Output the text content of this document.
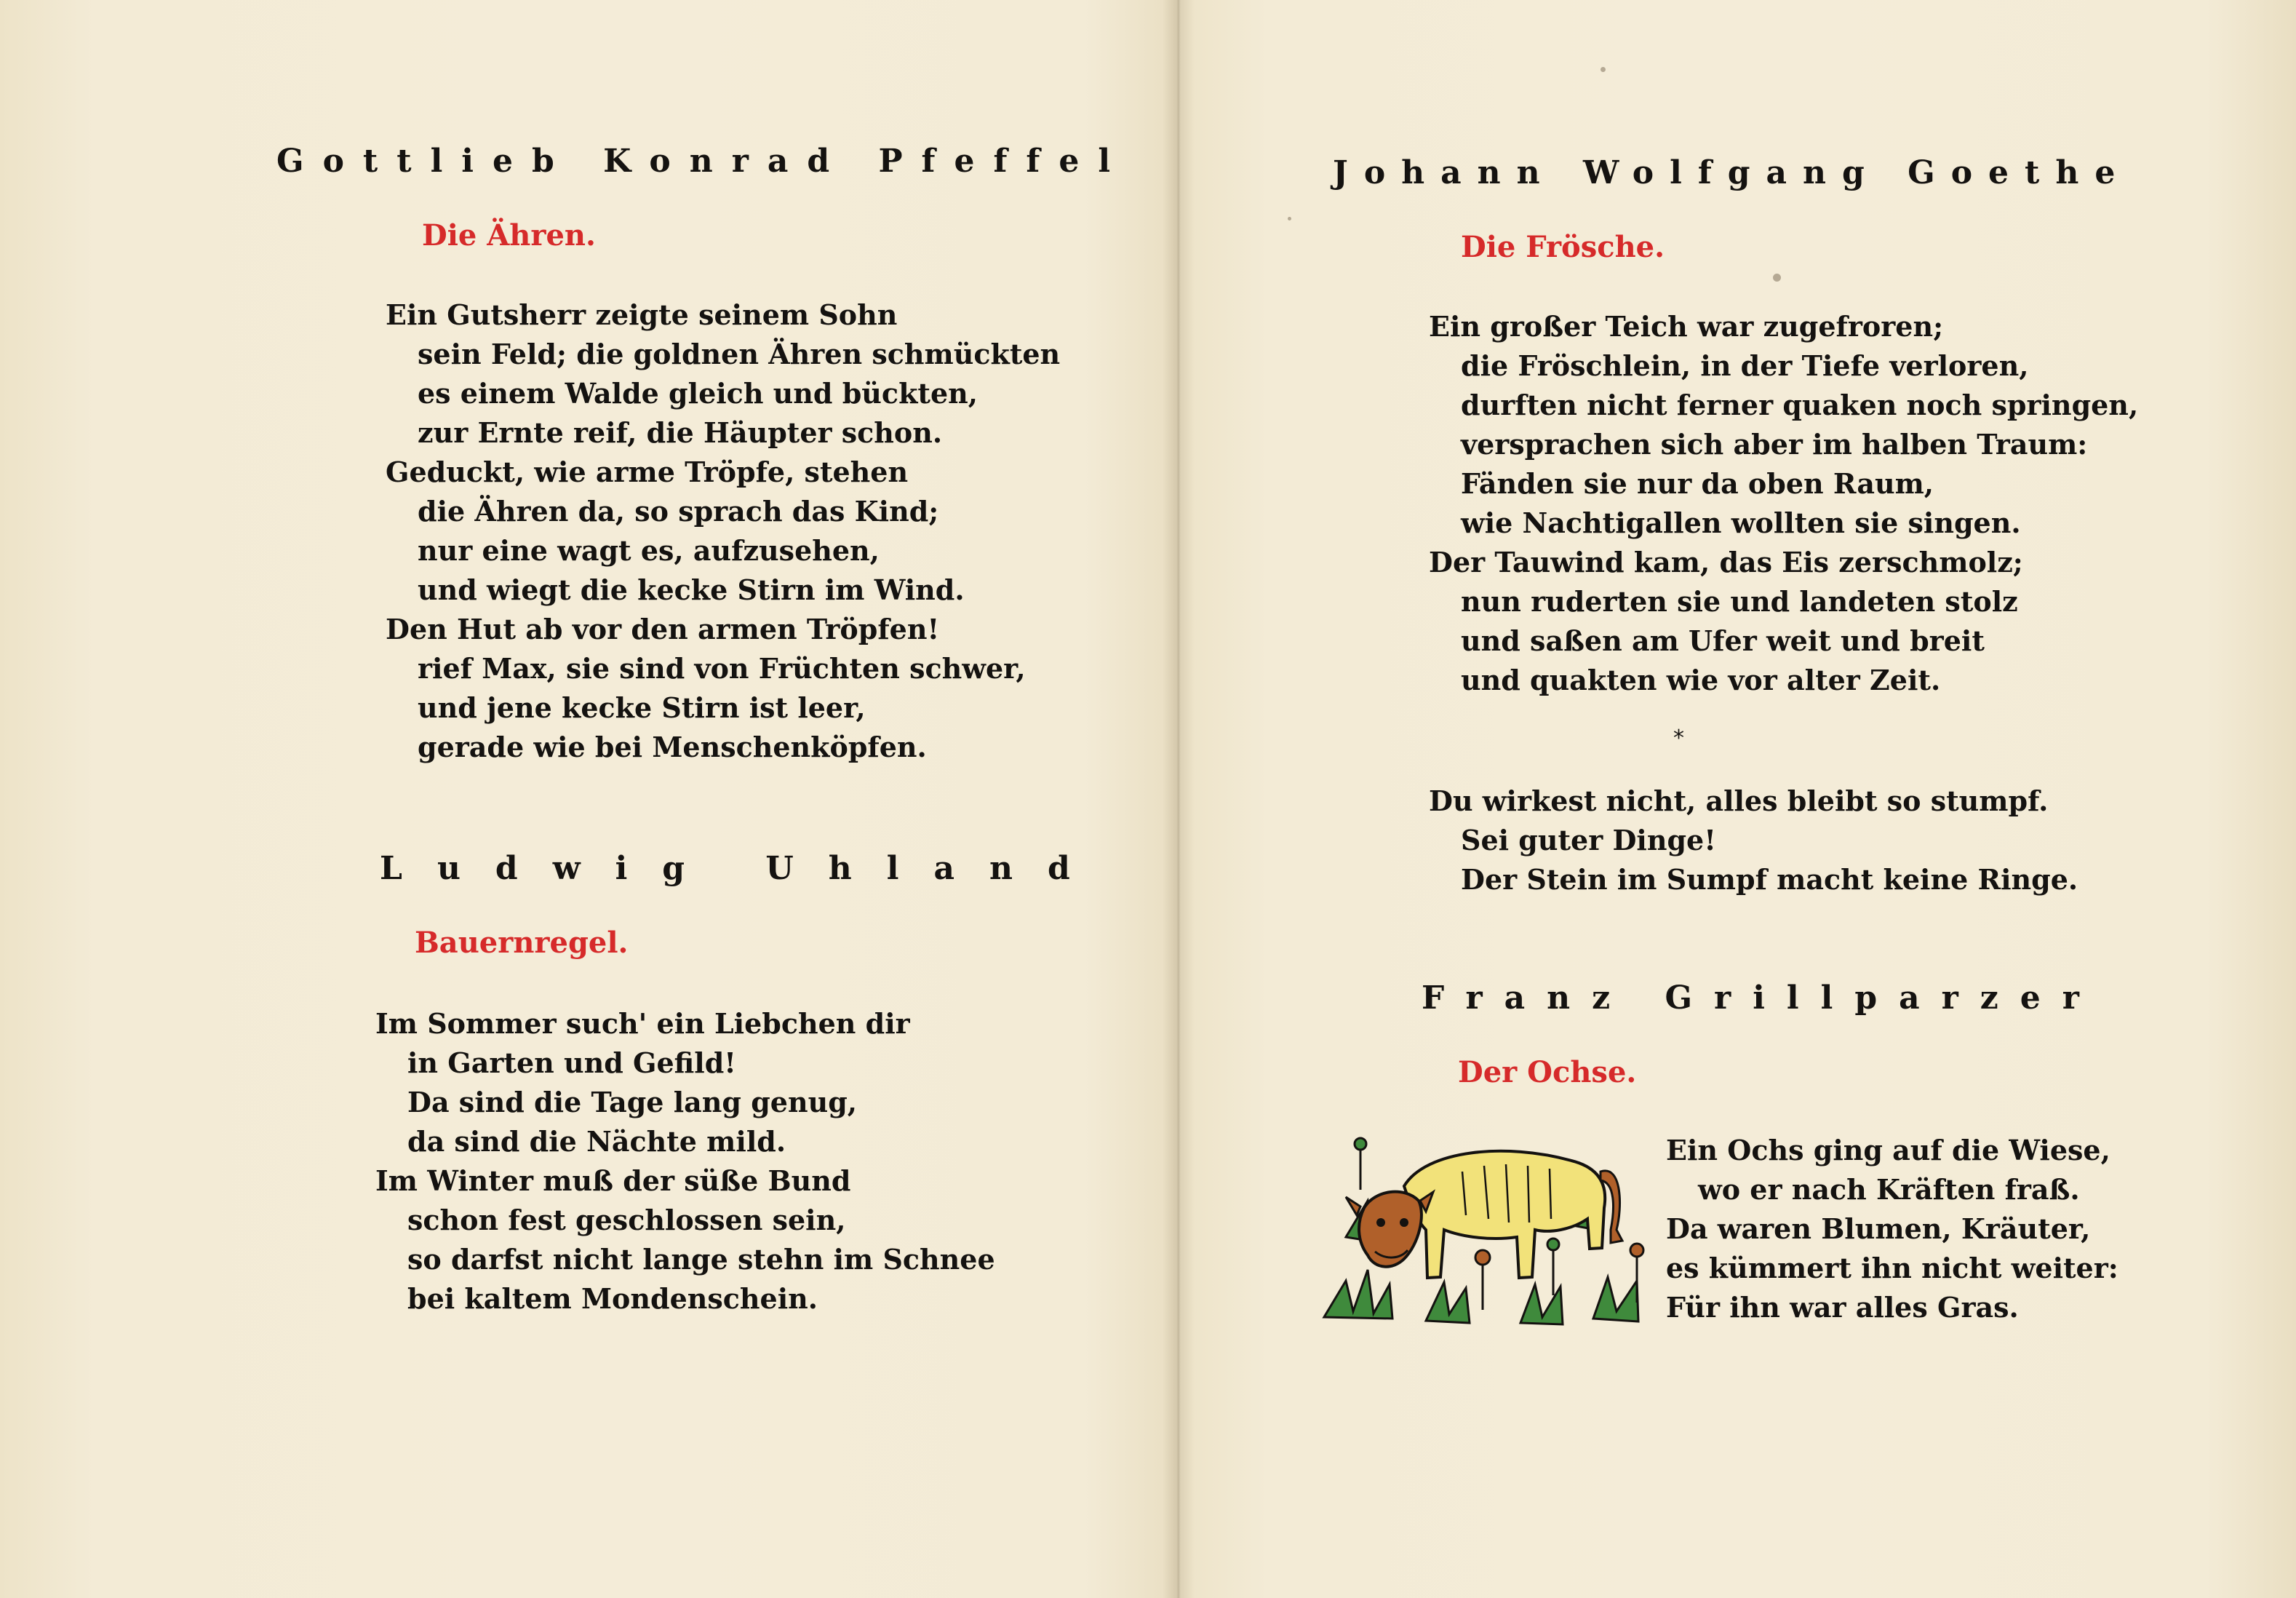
Gottlieb Konrad Pfeffel
Die Ähren.
Ein Gutsherr zeigte seinem Sohn
sein Feld; die goldnen Ähren schmückten
es einem Walde gleich und bückten,
zur Ernte reif, die Häupter schon.
Geduckt, wie arme Tröpfe, stehen
die Ähren da, so sprach das Kind;
nur eine wagt es, aufzusehen,
und wiegt die kecke Stirn im Wind.
Den Hut ab vor den armen Tröpfen!
rief Max, sie sind von Früchten schwer,
und jene kecke Stirn ist leer,
gerade wie bei Menschenköpfen.
Ludwig Uhland
Bauernregel.
Im Sommer such' ein Liebchen dir
in Garten und Gefild!
Da sind die Tage lang genug,
da sind die Nächte mild.
Im Winter muß der süße Bund
schon fest geschlossen sein,
so darfst nicht lange stehn im Schnee
bei kaltem Mondenschein.
Johann Wolfgang Goethe
Die Frösche.
Ein großer Teich war zugefroren;
die Fröschlein, in der Tiefe verloren,
durften nicht ferner quaken noch springen,
versprachen sich aber im halben Traum:
Fänden sie nur da oben Raum,
wie Nachtigallen wollten sie singen.
Der Tauwind kam, das Eis zerschmolz;
nun ruderten sie und landeten stolz
und saßen am Ufer weit und breit
und quakten wie vor alter Zeit.
*
Du wirkest nicht, alles bleibt so stumpf.
Sei guter Dinge!
Der Stein im Sumpf macht keine Ringe.
Franz Grillparzer
Der Ochse.
Ein Ochs ging auf die Wiese,
wo er nach Kräften fraß.
Da waren Blumen, Kräuter,
es kümmert ihn nicht weiter:
Für ihn war alles Gras.
